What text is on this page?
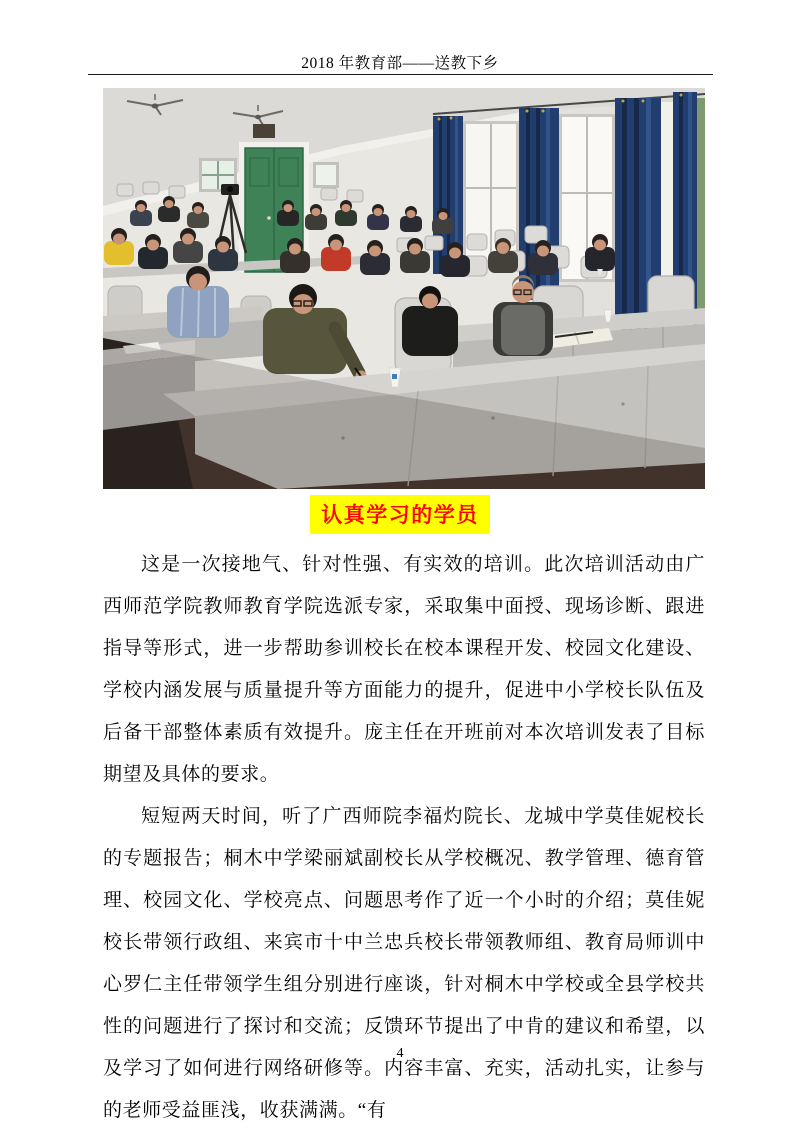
2018 年教育部——送教下乡
认真学习的学员

这是一次接地气、针对性强、有实效的培训。此次培训活动由广西师范学院教师教育学院选派专家，采取集中面授、现场诊断、跟进指导等形式，进一步帮助参训校长在校本课程开发、校园文化建设、学校内涵发展与质量提升等方面能力的提升，促进中小学校长队伍及后备干部整体素质有效提升。庞主任在开班前对本次培训发表了目标期望及具体的要求。

短短两天时间，听了广西师院李福灼院长、龙城中学莫佳妮校长的专题报告；桐木中学梁丽斌副校长从学校概况、教学管理、德育管理、校园文化、学校亮点、问题思考作了近一个小时的介绍；莫佳妮校长带领行政组、来宾市十中兰忠兵校长带领教师组、教育局师训中心罗仁主任带领学生组分别进行座谈，针对桐木中学校或全县学校共性的问题进行了探讨和交流；反馈环节提出了中肯的建议和希望，以及学习了如何进行网络研修等。内容丰富、充实，活动扎实，让参与的老师受益匪浅，收获满满。“有

4
